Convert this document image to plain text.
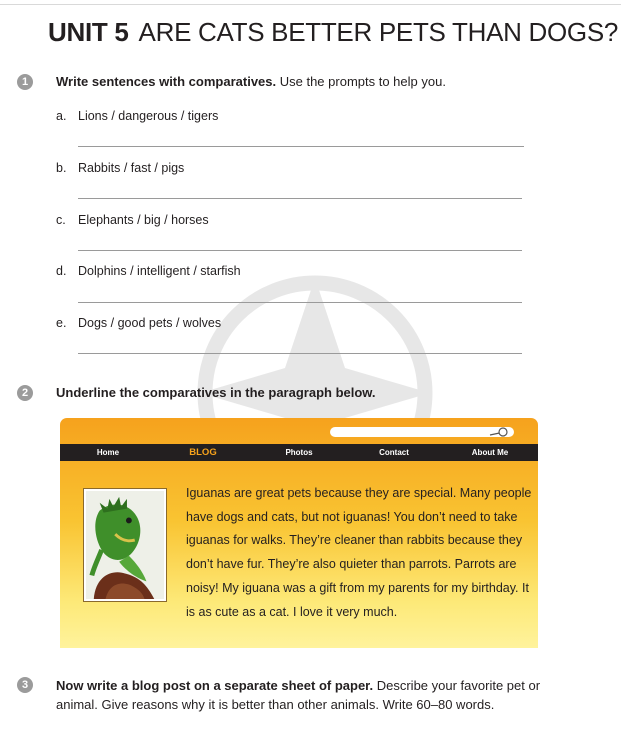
UNIT 5 ARE CATS BETTER PETS THAN DOGS?
1	Write sentences with comparatives. Use the prompts to help you.
a. Lions / dangerous / tigers
b. Rabbits / fast / pigs
c. Elephants / big / horses
d. Dolphins / intelligent / starfish
e. Dogs / good pets / wolves
2	Underline the comparatives in the paragraph below.
Home	BLOG	Photos	Contact	About Me
Iguanas are great pets because they are special. Many people have dogs and cats, but not iguanas! You don’t need to take iguanas for walks. They’re cleaner than rabbits because they don’t have fur. They’re also quieter than parrots. Parrots are noisy! My iguana was a gift from my parents for my birthday. It is as cute as a cat. I love it very much.
3	Now write a blog post on a separate sheet of paper. Describe your favorite pet or animal. Give reasons why it is better than other animals. Write 60–80 words.
